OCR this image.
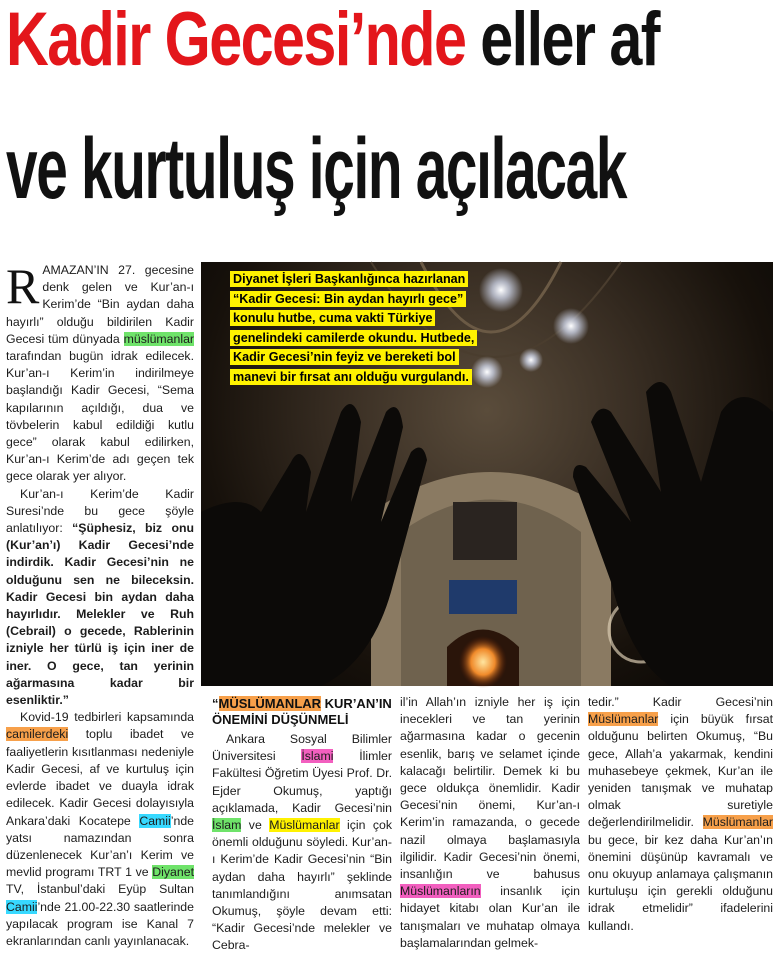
Kadir Gecesi’nde eller af
ve kurtuluş için açılacak

RAMAZAN’IN 27. gecesine denk gelen ve Kur’an-ı Kerim’de “Bin aydan daha hayırlı” olduğu bildirilen Kadir Gecesi tüm dünyada müslümanlar tarafından bugün idrak edilecek. Kur’an-ı Kerim’in indirilmeye başlandığı Kadir Gecesi, “Sema kapılarının açıldığı, dua ve tövbelerin kabul edildiği kutlu gece” olarak kabul edilirken, Kur’an-ı Kerim’de adı geçen tek gece olarak yer alıyor.

Kur’an-ı Kerim’de Kadir Suresi’nde bu gece şöyle anlatılıyor: “Şüphesiz, biz onu (Kur’an’ı) Kadir Gecesi’nde indirdik. Kadir Gecesi’nin ne olduğunu sen ne bileceksin. Kadir Gecesi bin aydan daha hayırlıdır. Melekler ve Ruh (Cebrail) o gecede, Rablerinin izniyle her türlü iş için iner de iner. O gece, tan yerinin ağarmasına kadar bir esenliktir.”

Kovid-19 tedbirleri kapsamında camilerdeki toplu ibadet ve faaliyetlerin kısıtlanması nedeniyle Kadir Gecesi, af ve kurtuluş için evlerde ibadet ve duayla idrak edilecek. Kadir Gecesi dolayısıyla Ankara’daki Kocatepe Camii’nde yatsı namazından sonra düzenlenecek Kur’an’ı Kerim ve mevlid programı TRT 1 ve Diyanet TV, İstanbul’daki Eyüp Sultan Camii’nde 21.00-22.30 saatlerinde yapılacak program ise Kanal 7 ekranlarından canlı yayınlanacak.

Diyanet İşleri Başkanlığınca hazırlanan “Kadir Gecesi: Bin aydan hayırlı gece” konulu hutbe, cuma vakti Türkiye genelindeki camilerde okundu. Hutbede, Kadir Gecesi’nin feyiz ve bereketi bol manevi bir fırsat anı olduğu vurgulandı.
“MÜSLÜMANLAR KUR’AN’IN ÖNEMİNİ DÜŞÜNMELİ
Ankara Sosyal Bilimler Üniversitesi İslami İlimler Fakültesi Öğretim Üyesi Prof. Dr. Ejder Okumuş, yaptığı açıklamada, Kadir Gecesi’nin İslam ve Müslümanlar için çok önemli olduğunu söyledi. Kur’an-ı Kerim’de Kadir Gecesi’nin “Bin aydan daha hayırlı” şeklinde tanımlandığını anımsatan Okumuş, şöyle devam etti: “Kadir Gecesi’nde melekler ve Cebra-
il’in Allah’ın izniyle her iş için inecekleri ve tan yerinin ağarmasına kadar o gecenin esenlik, barış ve selamet içinde kalacağı belirtilir. Demek ki bu gece oldukça önemlidir. Kadir Gecesi’nin önemi, Kur’an-ı Kerim’in ramazanda, o gecede nazil olmaya başlamasıyla ilgilidir. Kadir Gecesi’nin önemi, insanlığın ve bahusus Müslümanların insanlık için hidayet kitabı olan Kur’an ile tanışmaları ve muhatap olmaya başlamalarından gelmek-
tedir.” Kadir Gecesi’nin Müslümanlar için büyük fırsat olduğunu belirten Okumuş, “Bu gece, Allah’a yakarmak, kendini muhasebeye çekmek, Kur’an ile yeniden tanışmak ve muhatap olmak suretiyle değerlendirilmelidir. Müslümanlar bu gece, bir kez daha Kur’an’ın önemini düşünüp kavramalı ve onu okuyup anlamaya çalışmanın kurtuluşu için gerekli olduğunu idrak etmelidir” ifadelerini kullandı.
